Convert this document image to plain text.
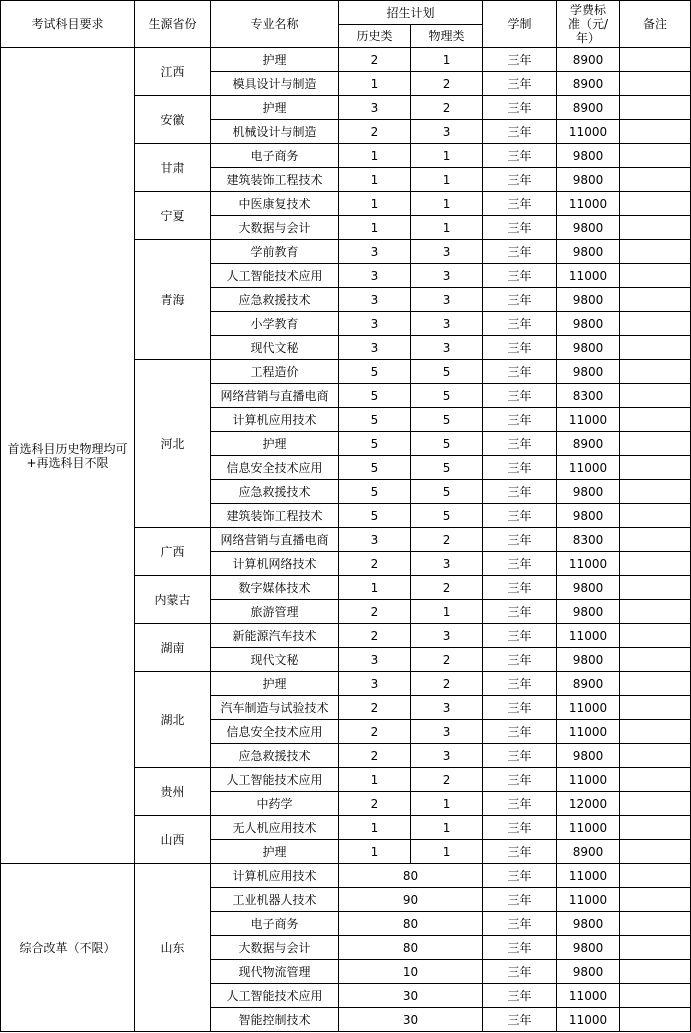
考试科目要求	生源省份	专业名称	招生计划		学制	学费标准（元/年）	备注
			历史类	物理类			
首选科目历史物理均可+再选科目不限	江西	护理	2	1	三年	8900	
		模具设计与制造	1	2	三年	8900	
	安徽	护理	3	2	三年	8900	
		机械设计与制造	2	3	三年	11000	
	甘肃	电子商务	1	1	三年	9800	
		建筑装饰工程技术	1	1	三年	9800	
	宁夏	中医康复技术	1	1	三年	11000	
		大数据与会计	1	1	三年	9800	
	青海	学前教育	3	3	三年	9800	
		人工智能技术应用	3	3	三年	11000	
		应急救援技术	3	3	三年	9800	
		小学教育	3	3	三年	9800	
		现代文秘	3	3	三年	9800	
	河北	工程造价	5	5	三年	9800	
		网络营销与直播电商	5	5	三年	8300	
		计算机应用技术	5	5	三年	11000	
		护理	5	5	三年	8900	
		信息安全技术应用	5	5	三年	11000	
		应急救援技术	5	5	三年	9800	
		建筑装饰工程技术	5	5	三年	9800	
	广西	网络营销与直播电商	3	2	三年	8300	
		计算机网络技术	2	3	三年	11000	
	内蒙古	数字媒体技术	1	2	三年	9800	
		旅游管理	2	1	三年	9800	
	湖南	新能源汽车技术	2	3	三年	11000	
		现代文秘	3	2	三年	9800	
	湖北	护理	3	2	三年	8900	
		汽车制造与试验技术	2	3	三年	11000	
		信息安全技术应用	2	3	三年	11000	
		应急救援技术	2	3	三年	9800	
	贵州	人工智能技术应用	1	2	三年	11000	
		中药学	2	1	三年	12000	
	山西	无人机应用技术	1	1	三年	11000	
		护理	1	1	三年	8900	
综合改革（不限）	山东	计算机应用技术	80		三年	11000	
		工业机器人技术	90		三年	11000	
		电子商务	80		三年	9800	
		大数据与会计	80		三年	9800	
		现代物流管理	10		三年	9800	
		人工智能技术应用	30		三年	11000	
		智能控制技术	30		三年	11000	
